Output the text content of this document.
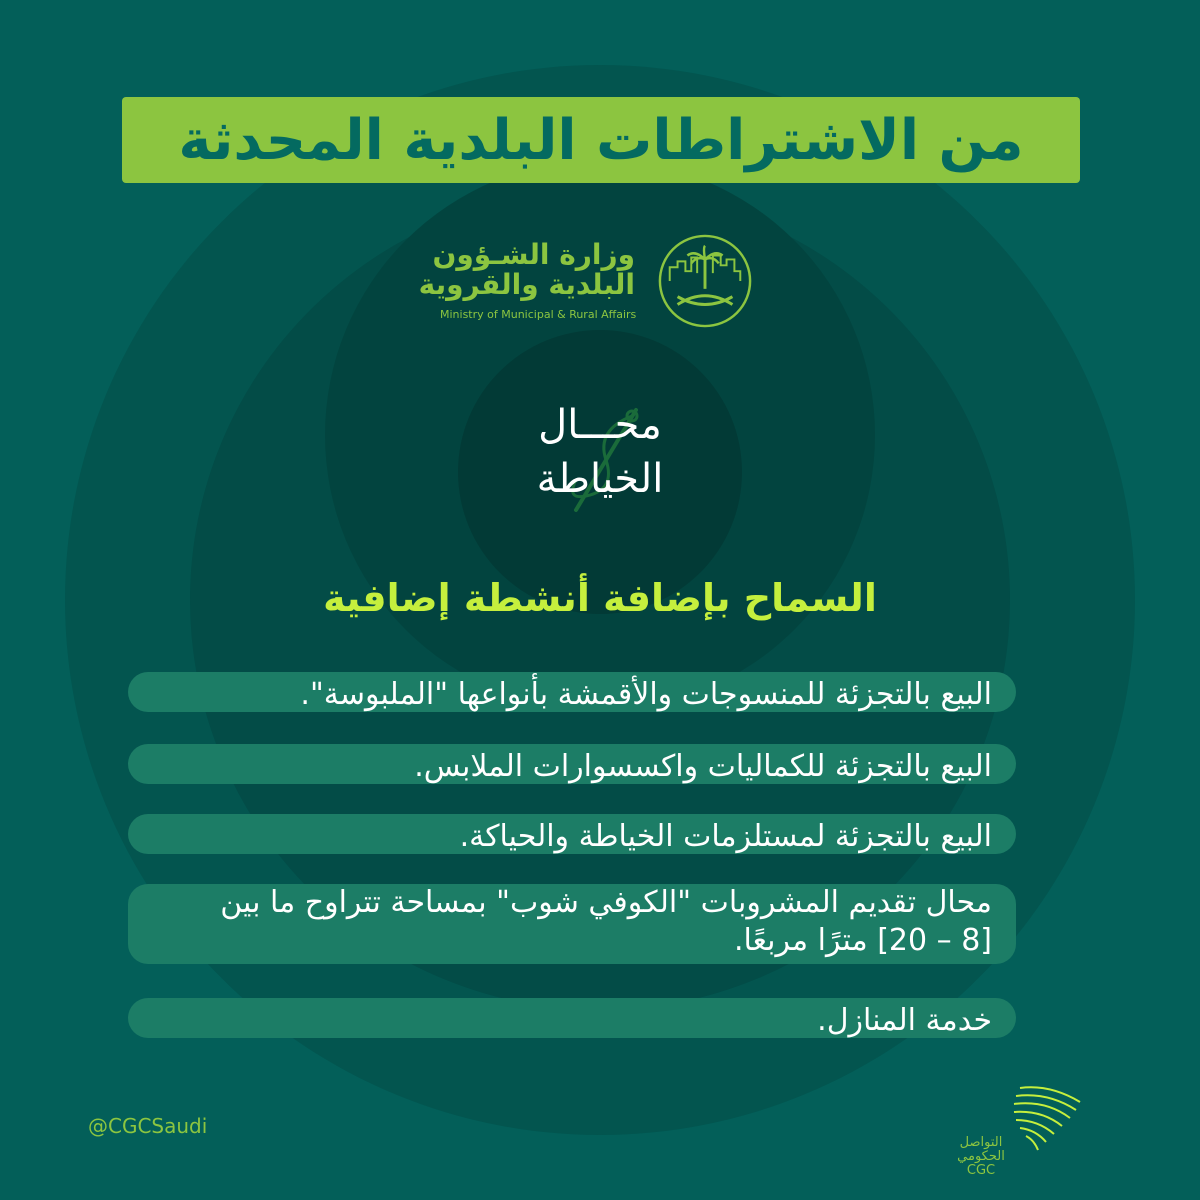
من الاشتراطات البلدية المحدثة
وزارة الشـؤون
البلدية والقروية
Ministry of Municipal & Rural Affairs
محـــال
الخياطة
السماح بإضافة أنشطة إضافية
البيع بالتجزئة للمنسوجات والأقمشة بأنواعها "الملبوسة".
البيع بالتجزئة للكماليات واكسسوارات الملابس.
البيع بالتجزئة لمستلزمات الخياطة والحياكة.
محال تقديم المشروبات "الكوفي شوب" بمساحة تتراوح ما بين
[8 – 20] مترًا مربعًا.
خدمة المنازل.
@CGCSaudi
التواصل
الحكومي
CGC
